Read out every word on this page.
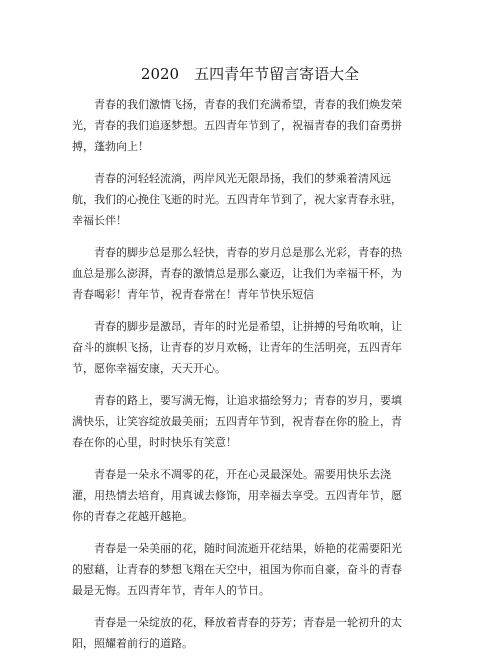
2020　五四青年节留言寄语大全

青春的我们激情飞扬，青春的我们充满希望，青春的我们焕发荣光，青春的我们追逐梦想。五四青年节到了，祝福青春的我们奋勇拼搏，蓬勃向上！

青春的河轻轻流淌，两岸风光无限昂扬，我们的梦乘着清风远航，我们的心挽住飞逝的时光。五四青年节到了，祝大家青春永驻，幸福长伴！

青春的脚步总是那么轻快，青春的岁月总是那么光彩，青春的热血总是那么澎湃，青春的激情总是那么豪迈，让我们为幸福干杯，为青春喝彩！青年节，祝青春常在！青年节快乐短信

青春的脚步是激昂，青年的时光是希望，让拼搏的号角吹响，让奋斗的旗帜飞扬，让青春的岁月欢畅，让青年的生活明亮，五四青年节，愿你幸福安康，天天开心。

青春的路上，要写满无悔，让追求描绘努力；青春的岁月，要填满快乐，让笑容绽放最美丽；五四青年节到，祝青春在你的脸上，青春在你的心里，时时快乐有笑意！

青春是一朵永不凋零的花，开在心灵最深处。需要用快乐去浇灌，用热情去培育，用真诚去修饰，用幸福去享受。五四青年节，愿你的青春之花越开越艳。

青春是一朵美丽的花，随时间流逝开花结果，娇艳的花需要阳光的慰藉，让青春的梦想飞翔在天空中，祖国为你而自豪，奋斗的青春最是无悔。五四青年节，青年人的节日。

青春是一朵绽放的花，释放着青春的芬芳；青春是一轮初升的太阳，照耀着前行的道路。
